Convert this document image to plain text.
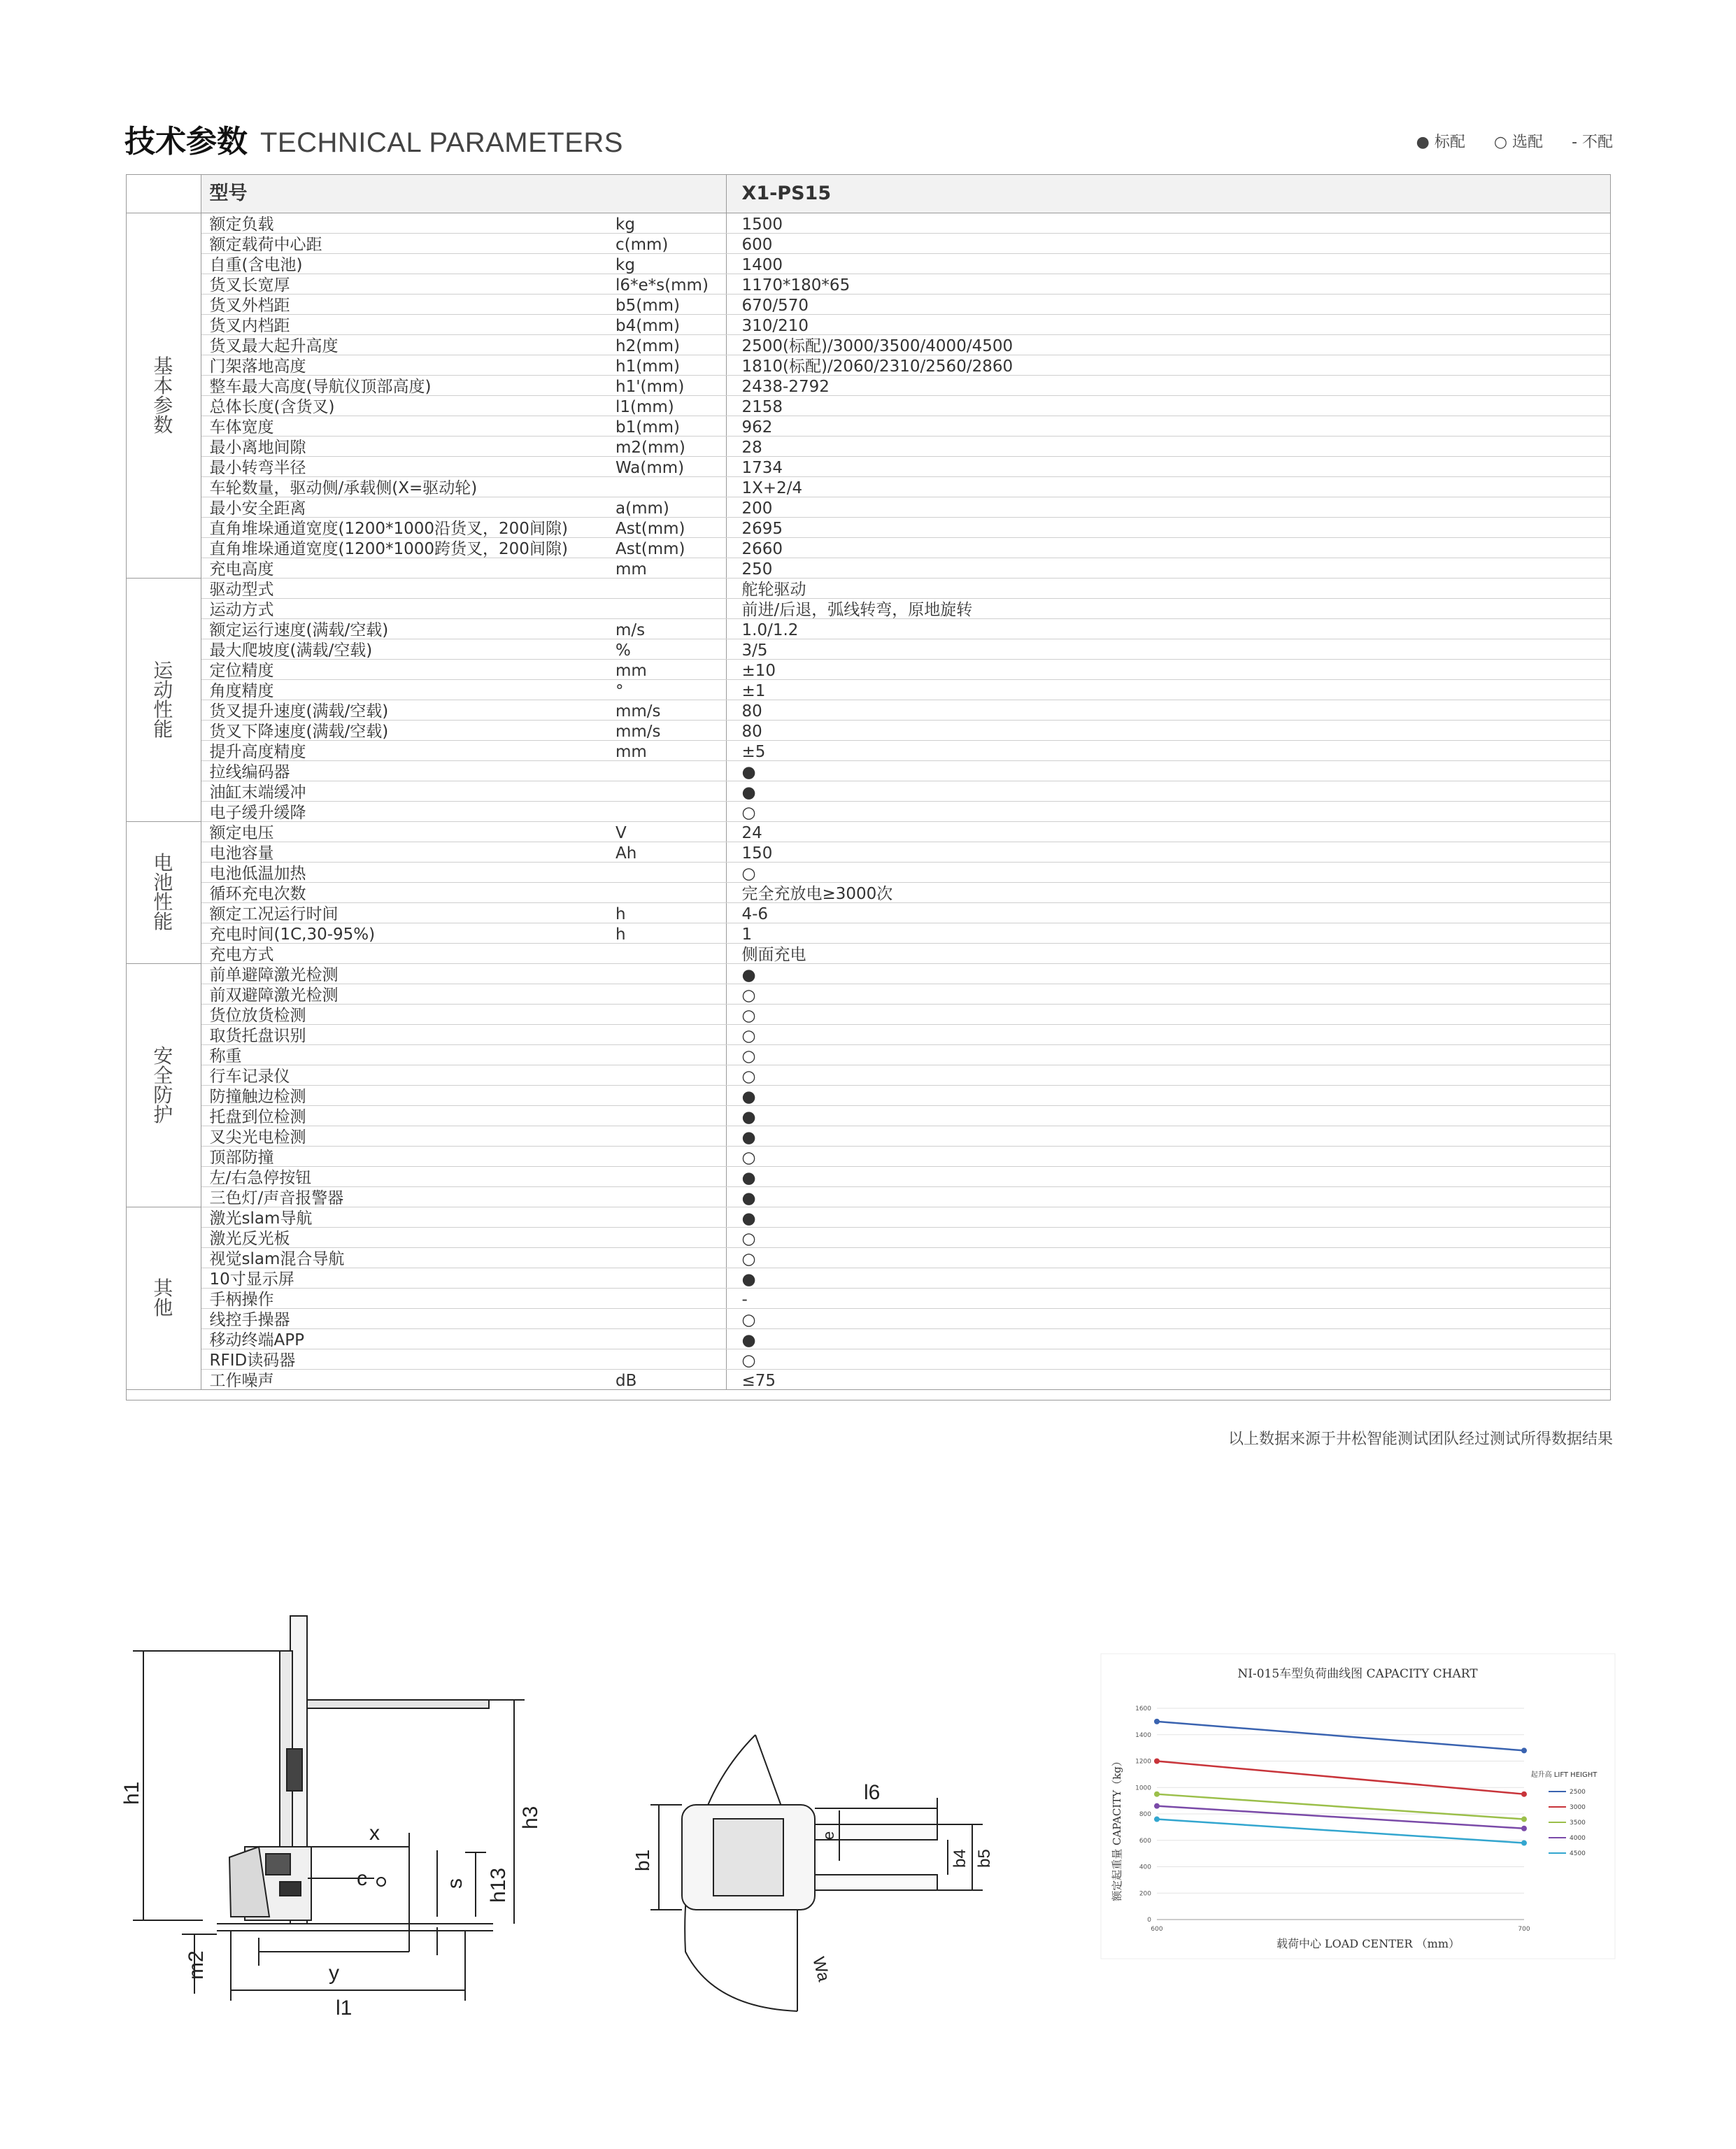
技术参数 TECHNICAL PARAMETERS	● 标配 ○ 选配 - 不配
	型号		X1-PS15
基本参数	额定负载	kg	1500
	额定载荷中心距	c(mm)	600
	自重(含电池)	kg	1400
	货叉长宽厚	l6*e*s(mm)	1170*180*65
	货叉外档距	b5(mm)	670/570
	货叉内档距	b4(mm)	310/210
	货叉最大起升高度	h2(mm)	2500(标配)/3000/3500/4000/4500
	门架落地高度	h1(mm)	1810(标配)/2060/2310/2560/2860
	整车最大高度(导航仪顶部高度)	h1'(mm)	2438-2792
	总体长度(含货叉)	l1(mm)	2158
	车体宽度	b1(mm)	962
	最小离地间隙	m2(mm)	28
	最小转弯半径	Wa(mm)	1734
	车轮数量，驱动侧/承载侧(X=驱动轮)		1X+2/4
	最小安全距离	a(mm)	200
	直角堆垛通道宽度(1200*1000沿货叉，200间隙)	Ast(mm)	2695
	直角堆垛通道宽度(1200*1000跨货叉，200间隙)	Ast(mm)	2660
	充电高度	mm	250
运动性能	驱动型式		舵轮驱动
	运动方式		前进/后退，弧线转弯，原地旋转
	额定运行速度(满载/空载)	m/s	1.0/1.2
	最大爬坡度(满载/空载)	%	3/5
	定位精度	mm	±10
	角度精度	°	±1
	货叉提升速度(满载/空载)	mm/s	80
	货叉下降速度(满载/空载)	mm/s	80
	提升高度精度	mm	±5
	拉线编码器		●
	油缸末端缓冲		●
	电子缓升缓降		○
电池性能	额定电压	V	24
	电池容量	Ah	150
	电池低温加热		○
	循环充电次数		完全充放电≥3000次
	额定工况运行时间	h	4-6
	充电时间(1C,30-95%)	h	1
	充电方式		侧面充电
安全防护	前单避障激光检测		●
	前双避障激光检测		○
	货位放货检测		○
	取货托盘识别		○
	称重		○
	行车记录仪		○
	防撞触边检测		●
	托盘到位检测		●
	叉尖光电检测		●
	顶部防撞		○
	左/右急停按钮		●
	三色灯/声音报警器		●
其他	激光slam导航		●
	激光反光板		○
	视觉slam混合导航		○
	10寸显示屏		●
	手柄操作		-
	线控手操器		○
	移动终端APP		●
	RFID读码器		○
	工作噪声	dB	≤75
以上数据来源于井松智能测试团队经过测试所得数据结果
h1
x
c	s h13
h3
m2	y
l1
l6
e
b1	b4 b5
Wa
NI-015车型负荷曲线图 CAPACITY CHART
额定起重量 CAPACITY（kg）
载荷中心 LOAD CENTER （mm）
起升高 LIFT HEIGHT
0
200
400
600
800
1000
1200
1400
1600
600	700
2500
3000
3500
4000
4500
